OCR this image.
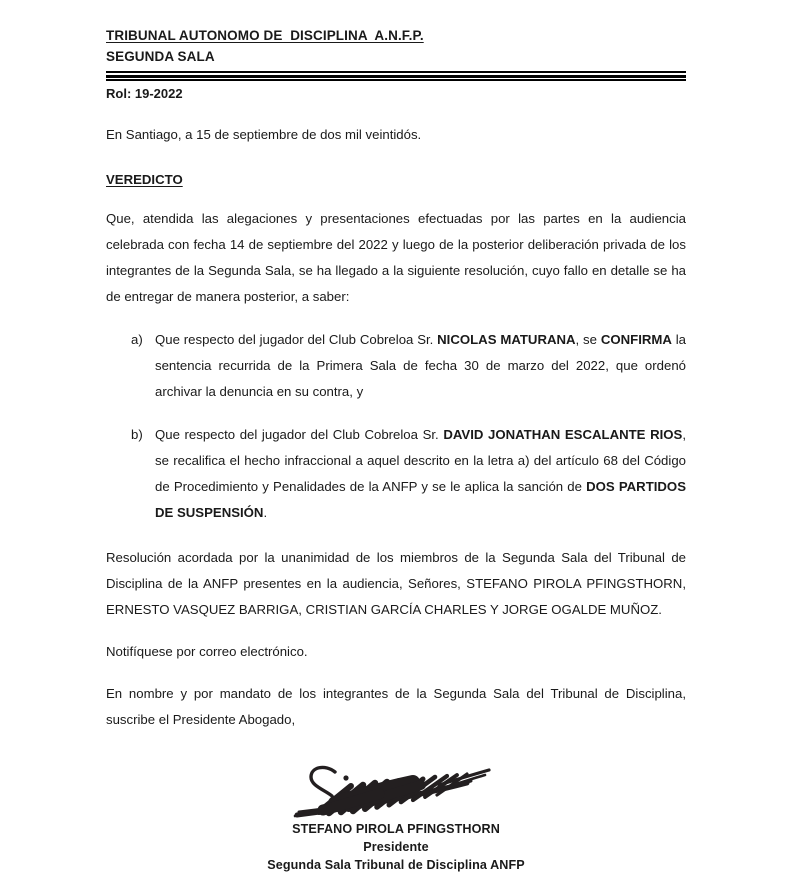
TRIBUNAL AUTONOMO DE  DISCIPLINA  A.N.F.P.
SEGUNDA SALA
Rol: 19-2022

En Santiago, a 15 de septiembre de dos mil veintidós.

VEREDICTO

Que, atendida las alegaciones y presentaciones efectuadas por las partes en la audiencia celebrada con fecha 14 de septiembre del 2022 y luego de la posterior deliberación privada de los integrantes de la Segunda Sala, se ha llegado a la siguiente resolución, cuyo fallo en detalle se ha de entregar de manera posterior, a saber:

a) Que respecto del jugador del Club Cobreloa Sr. NICOLAS MATURANA, se CONFIRMA la sentencia recurrida de la Primera Sala de fecha 30 de marzo del 2022, que ordenó archivar la denuncia en su contra, y
b) Que respecto del jugador del Club Cobreloa Sr. DAVID JONATHAN ESCALANTE RIOS, se recalifica el hecho infraccional a aquel descrito en la letra a) del artículo 68 del Código de Procedimiento y Penalidades de la ANFP y se le aplica la sanción de DOS PARTIDOS DE SUSPENSIÓN.

Resolución acordada por la unanimidad de los miembros de la Segunda Sala del Tribunal de Disciplina de la ANFP presentes en la audiencia, Señores, STEFANO PIROLA PFINGSTHORN, ERNESTO VASQUEZ BARRIGA, CRISTIAN GARCÍA CHARLES Y JORGE OGALDE MUÑOZ.

Notifíquese por correo electrónico.

En nombre y por mandato de los integrantes de la Segunda Sala del Tribunal de Disciplina, suscribe el Presidente Abogado,

STEFANO PIROLA PFINGSTHORN
Presidente
Segunda Sala Tribunal de Disciplina ANFP
